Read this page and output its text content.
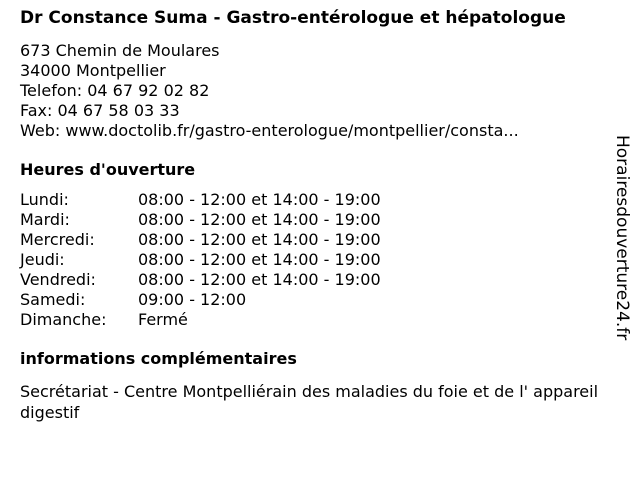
Dr Constance Suma - Gastro-entérologue et hépatologue
673 Chemin de Moulares
34000 Montpellier
Telefon: 04 67 92 02 82
Fax: 04 67 58 03 33
Web: www.doctolib.fr/gastro-enterologue/montpellier/consta...
Heures d'ouverture
Lundi:	08:00 - 12:00 et 14:00 - 19:00
Mardi:	08:00 - 12:00 et 14:00 - 19:00
Mercredi:	08:00 - 12:00 et 14:00 - 19:00
Jeudi:	08:00 - 12:00 et 14:00 - 19:00
Vendredi:	08:00 - 12:00 et 14:00 - 19:00
Samedi:	09:00 - 12:00
Dimanche:	Fermé
informations complémentaires
Secrétariat - Centre Montpelliérain des maladies du foie et de l' appareil digestif
Horairesdouverture24.fr
